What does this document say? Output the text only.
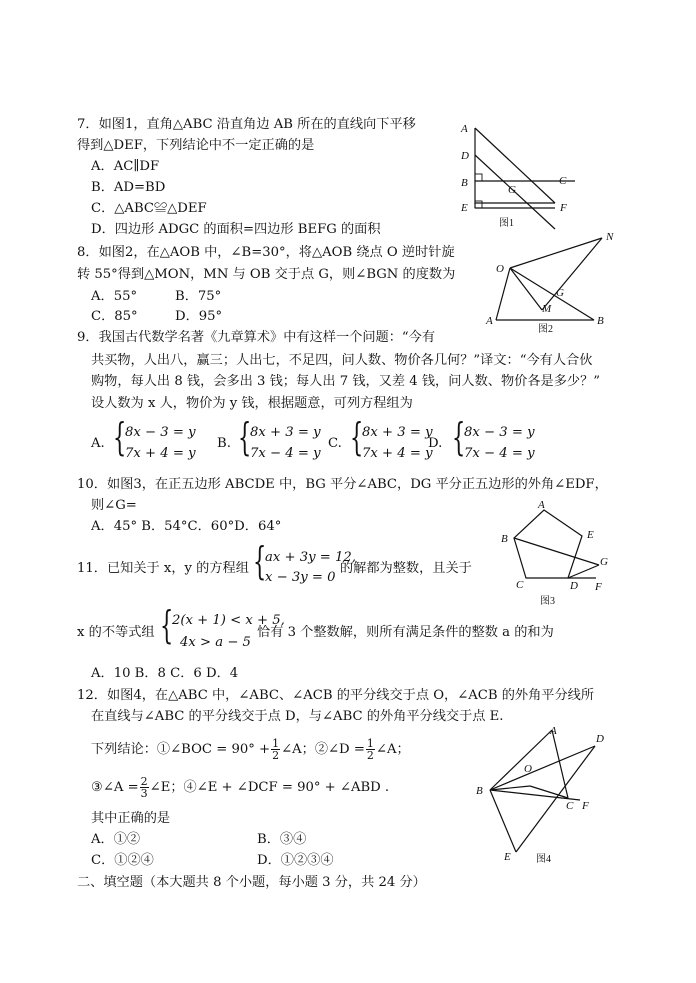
7．如图1，直角△ABC 沿直角边 AB 所在的直线向下平移
得到△DEF，下列结论中不一定正确的是
A．AC∥DF
B．AD=BD
C．△ABC≌△DEF
D．四边形 ADGC 的面积=四边形 BEFG 的面积
A
D
B
G
C
E	F
图1
8．如图2，在△AOB 中，∠B=30°，将△AOB 绕点 O 逆时针旋
转 55°得到△MON，MN 与 OB 交于点 G，则∠BGN 的度数为
A．55°	B．75°
C．85°	D．95°
N
O
G
M
A	B
图2
9．我国古代数学名著《九章算术》中有这样一个问题：“今有
共买物，人出八，赢三；人出七，不足四，问人数、物价各几何？”译文：“今有人合伙
购物，每人出 8 钱，会多出 3 钱；每人出 7 钱，又差 4 钱，问人数、物价各是多少？”
设人数为 x 人，物价为 y 钱，根据题意，可列方程组为
A. {
8x − 3 = y
7x + 4 = y
B. {
8x + 3 = y
7x − 4 = y
C. {
8x + 3 = y
7x + 4 = y
D. {
8x − 3 = y
7x − 4 = y
10．如图3，在正五边形 ABCDE 中，BG 平分∠ABC，DG 平分正五边形的外角∠EDF，
则∠G=
A．45° B．54°C．60°D．64°
A
B	E
G
C	D F
图3
11．已知关于 x，y 的方程组 {
ax + 3y = 12,
x − 3y = 0
的解都为整数，且关于
x 的不等式组 {
2(x + 1) < x + 5,
4x > a − 5
恰有 3 个整数解，则所有满足条件的整数 a 的和为
A．10 B．8 C．6 D．4
12．如图4，在△ABC 中，∠ABC、∠ACB 的平分线交于点 O，∠ACB 的外角平分线所
在直线与∠ABC 的平分线交于点 D，与∠ABC 的外角平分线交于点 E.
下列结论：①∠BOC = $90^\circ + \frac{1}{2}$ ∠A；②∠D = $\frac{1}{2}$ ∠A；
③∠A = $\frac{2}{3}$ ∠E；④∠E + ∠DCF = 90° + ∠ABD .
其中正确的是
A．①②	B．③④
C．①②④	D．①②③④
A
D
O
B
C F
E	图4
二、填空题（本大题共 8 个小题，每小题 3 分，共 24 分）
